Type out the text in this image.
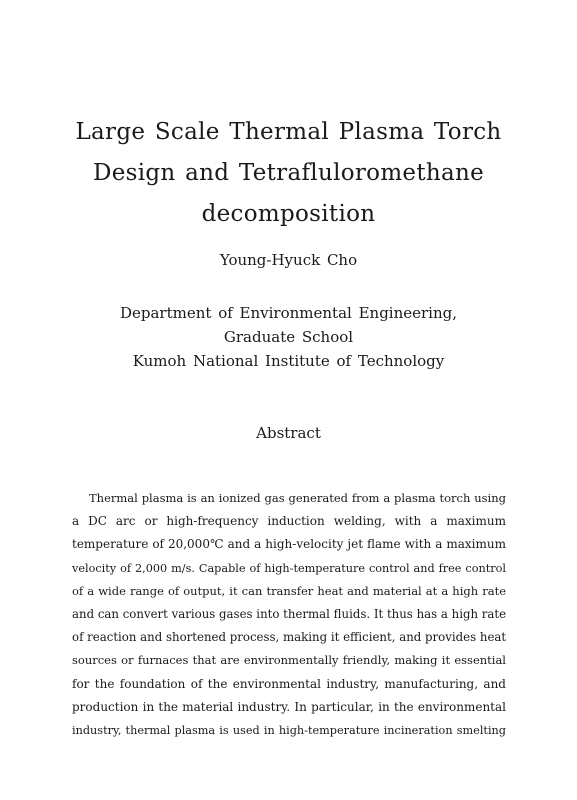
Large Scale Thermal Plasma Torch
Design and Tetrafluloromethane
decomposition
Young-Hyuck Cho
Department of Environmental Engineering,
Graduate School
Kumoh National Institute of Technology
Abstract
Thermal plasma is an ionized gas generated from a plasma torch using
a DC arc or high-frequency induction welding, with a maximum
temperature of 20,000℃ and a high-velocity jet flame with a maximum
velocity of 2,000 m/s. Capable of high-temperature control and free control
of a wide range of output, it can transfer heat and material at a high rate
and can convert various gases into thermal fluids. It thus has a high rate
of reaction and shortened process, making it efficient, and provides heat
sources or furnaces that are environmentally friendly, making it essential
for the foundation of the environmental industry, manufacturing, and
production in the material industry. In particular, in the environmental
industry, thermal plasma is used in high-temperature incineration smelting
